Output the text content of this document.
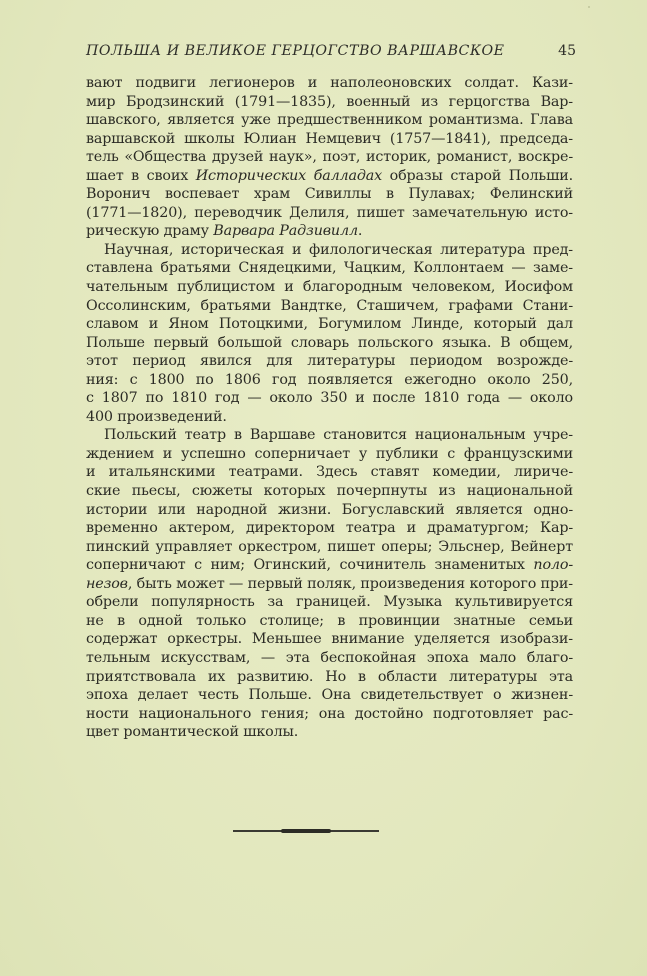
ПОЛЬША И ВЕЛИКОЕ ГЕРЦОГСТВО ВАРШАВСКОЕ	45
вают подвиги легионеров и наполеоновских солдат. Кази-
мир Бродзинский (1791—1835), военный из герцогства Вар-
шавского, является уже предшественником романтизма. Глава
варшавской школы Юлиан Немцевич (1757—1841), председа-
тель «Общества друзей наук», поэт, историк, романист, воскре-
шает в своих Исторических балладах образы старой Польши.
Воронич воспевает храм Сивиллы в Пулавах; Фелинский
(1771—1820), переводчик Делиля, пишет замечательную исто-
рическую драму Варвара Радзивилл.
Научная, историческая и филологическая литература пред-
ставлена братьями Снядецкими, Чацким, Коллонтаем — заме-
чательным публицистом и благородным человеком, Иосифом
Оссолинским, братьями Вандтке, Сташичем, графами Стани-
славом и Яном Потоцкими, Богумилом Линде, который дал
Польше первый большой словарь польского языка. В общем,
этот период явился для литературы периодом возрожде-
ния: с 1800 по 1806 год появляется ежегодно около 250,
с 1807 по 1810 год — около 350 и после 1810 года — около
400 произведений.
Польский театр в Варшаве становится национальным учре-
ждением и успешно соперничает у публики с французскими
и итальянскими театрами. Здесь ставят комедии, лириче-
ские пьесы, сюжеты которых почерпнуты из национальной
истории или народной жизни. Богуславский является одно-
временно актером, директором театра и драматургом; Кар-
пинский управляет оркестром, пишет оперы; Эльснер, Вейнерт
соперничают с ним; Огинский, сочинитель знаменитых поло-
незов, быть может — первый поляк, произведения которого при-
обрели популярность за границей. Музыка культивируется
не в одной только столице; в провинции знатные семьи
содержат оркестры. Меньшее внимание уделяется изобрази-
тельным искусствам, — эта беспокойная эпоха мало благо-
приятствовала их развитию. Но в области литературы эта
эпоха делает честь Польше. Она свидетельствует о жизнен-
ности национального гения; она достойно подготовляет рас-
цвет романтической школы.
